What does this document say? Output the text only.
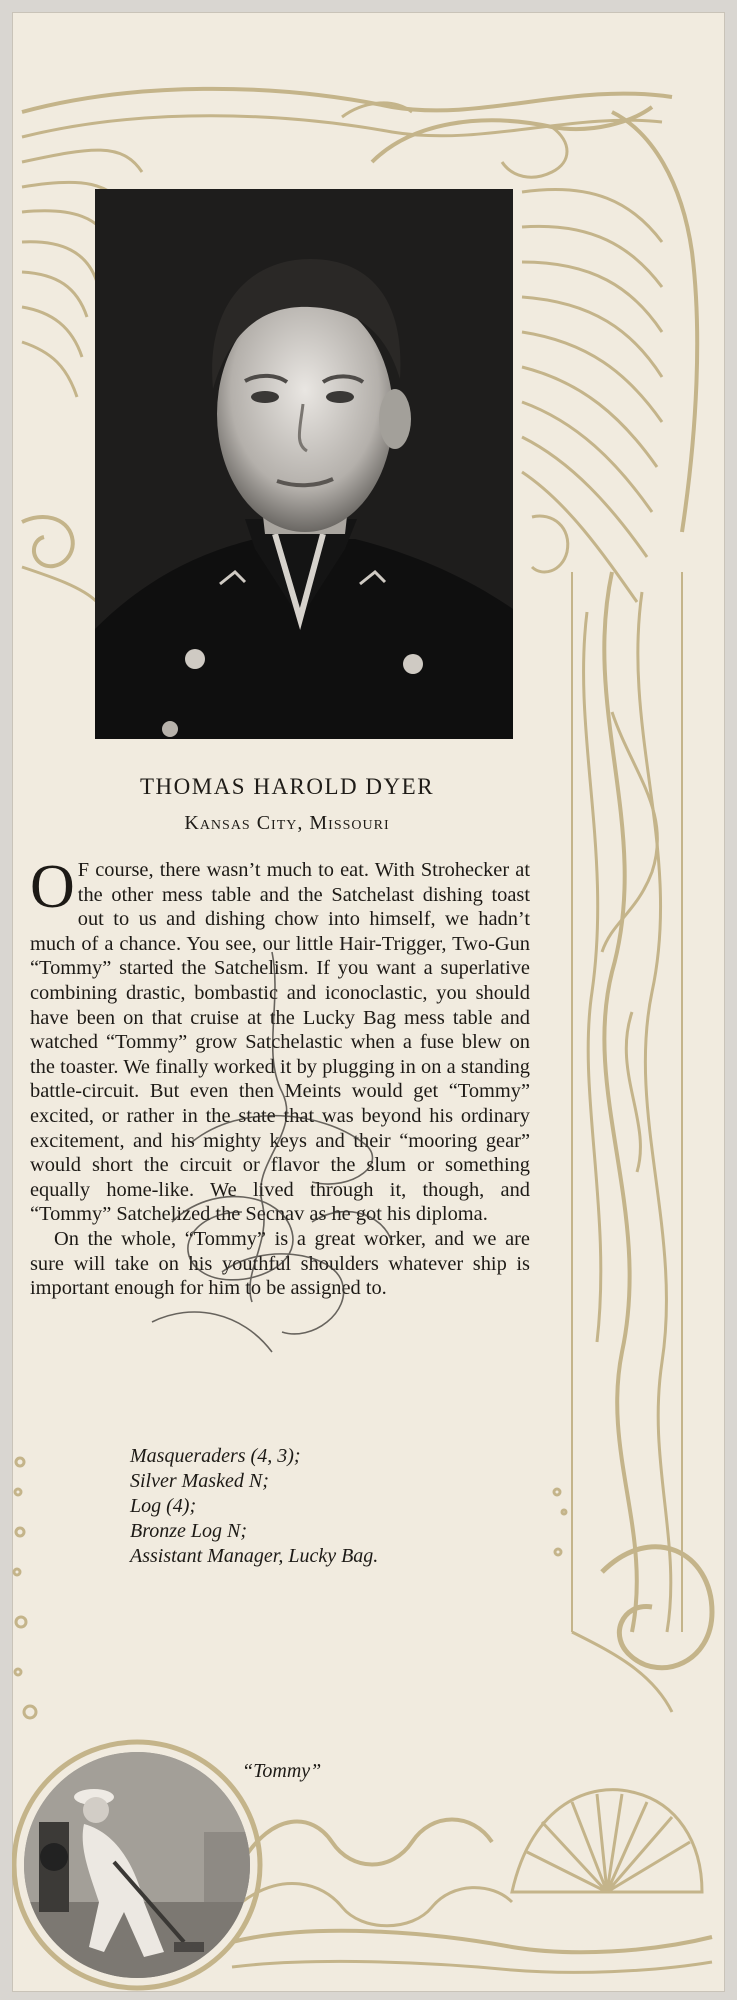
THOMAS HAROLD DYER
Kansas City, Missouri

O F course, there wasn’t much to eat. With Strohecker at the other mess table and the Satchelast dishing toast out to us and dishing chow into himself, we hadn’t much of a chance. You see, our little Hair-Trigger, Two-Gun “Tommy” started the Satchelism. If you want a superlative combining drastic, bombastic and iconoclastic, you should have been on that cruise at the Lucky Bag mess table and watched “Tommy” grow Satchelastic when a fuse blew on the toaster. We finally worked it by plugging in on a standing battle-circuit. But even then Meints would get “Tommy” excited, or rather in the state that was beyond his ordinary excitement, and his mighty keys and their “mooring gear” would short the circuit or flavor the slum or something equally home-like. We lived through it, though, and “Tommy” Satchelized the Secnav as he got his diploma.

On the whole, “Tommy” is a great worker, and we are sure will take on his youthful shoulders whatever ship is important enough for him to be assigned to.

Masqueraders (4, 3);
Silver Masked N;
Log (4);
Bronze Log N;
Assistant Manager, Lucky Bag.
“Tommy”
